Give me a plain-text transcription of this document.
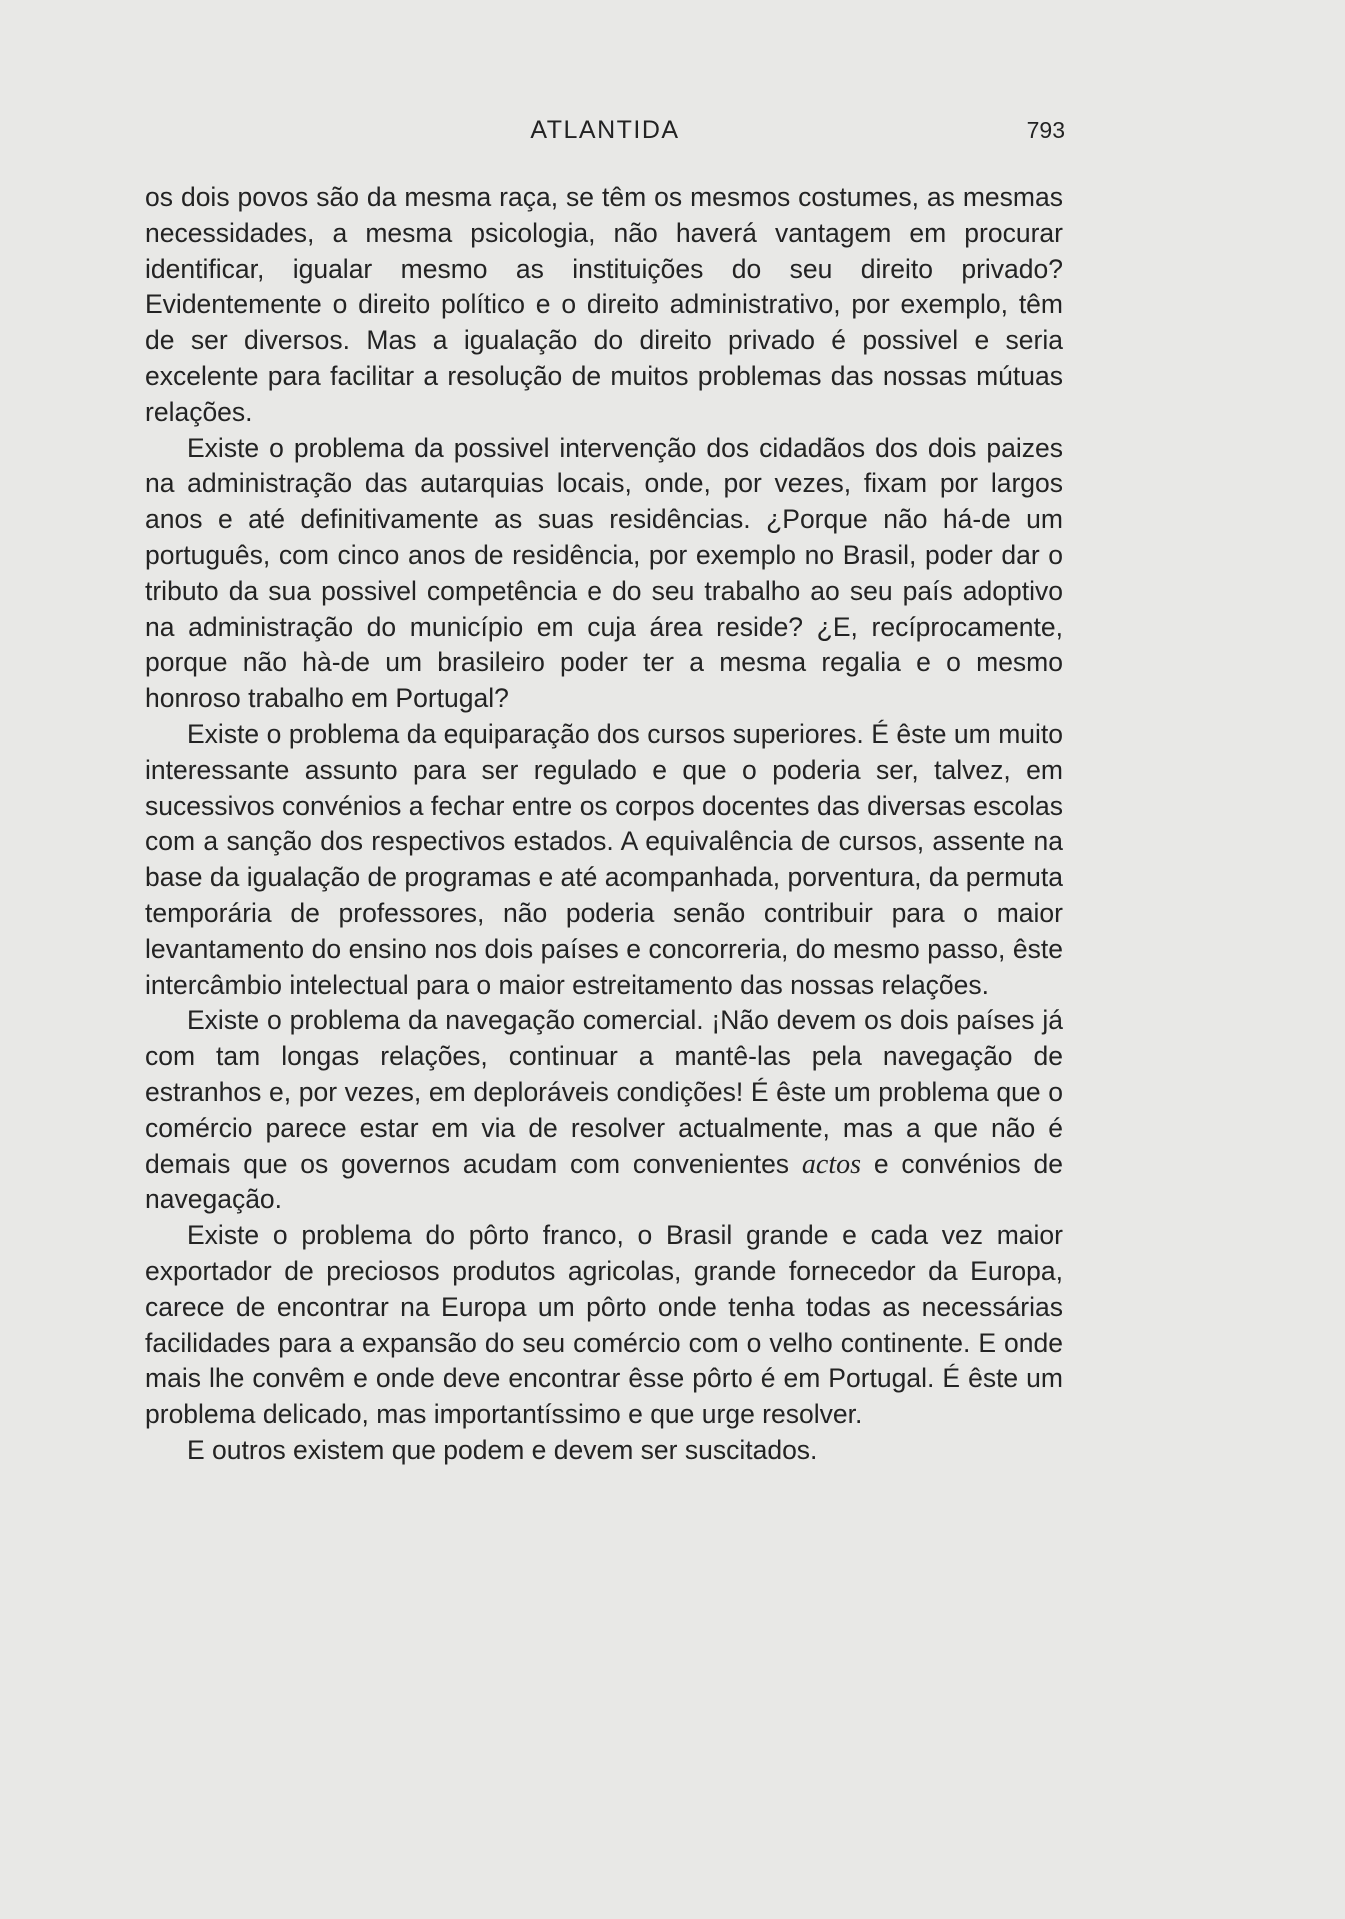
ATLANTIDA	793

os dois povos são da mesma raça, se têm os mesmos costumes, as mesmas necessidades, a mesma psicologia, não haverá vantagem em procurar identificar, igualar mesmo as instituições do seu direito privado? Evidentemente o direito político e o direito administrativo, por exemplo, têm de ser diversos. Mas a igualação do direito privado é possivel e seria excelente para facilitar a resolução de muitos problemas das nossas mútuas relações.

Existe o problema da possivel intervenção dos cidadãos dos dois paizes na administração das autarquias locais, onde, por vezes, fixam por largos anos e até definitivamente as suas residências. ¿Porque não há-de um português, com cinco anos de residência, por exemplo no Brasil, poder dar o tributo da sua possivel competência e do seu trabalho ao seu país adoptivo na administração do município em cuja área reside? ¿E, recíprocamente, porque não hà-de um brasileiro poder ter a mesma regalia e o mesmo honroso trabalho em Portugal?

Existe o problema da equiparação dos cursos superiores. É êste um muito interessante assunto para ser regulado e que o poderia ser, talvez, em sucessivos convénios a fechar entre os corpos docentes das diversas escolas com a sanção dos respectivos estados. A equivalência de cursos, assente na base da igualação de programas e até acompanhada, porventura, da permuta temporária de professores, não poderia senão contribuir para o maior levantamento do ensino nos dois países e concorreria, do mesmo passo, êste intercâmbio intelectual para o maior estreitamento das nossas relações.

Existe o problema da navegação comercial. ¡Não devem os dois países já com tam longas relações, continuar a mantê-las pela navegação de estranhos e, por vezes, em deploráveis condições! É êste um problema que o comércio parece estar em via de resolver actualmente, mas a que não é demais que os governos acudam com convenientes actos e convénios de navegação.

Existe o problema do pôrto franco, o Brasil grande e cada vez maior exportador de preciosos produtos agricolas, grande fornecedor da Europa, carece de encontrar na Europa um pôrto onde tenha todas as necessárias facilidades para a expansão do seu comércio com o velho continente. E onde mais lhe convêm e onde deve encontrar êsse pôrto é em Portugal. É êste um problema delicado, mas importantíssimo e que urge resolver.

E outros existem que podem e devem ser suscitados.
